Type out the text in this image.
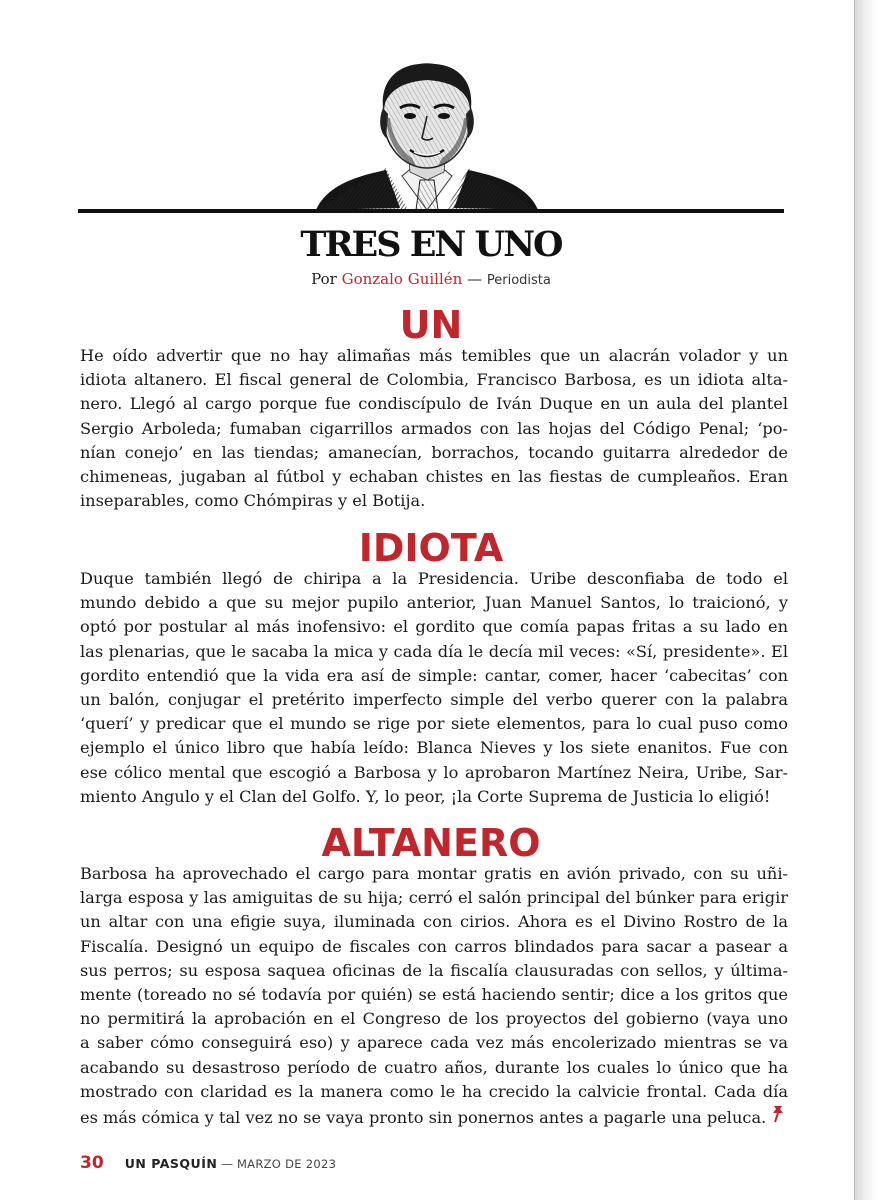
TRES EN UNO
Por Gonzalo Guillén — Periodista
UN

He oído advertir que no hay alimañas más temibles que un alacrán volador y un
idiota altanero. El fiscal general de Colombia, Francisco Barbosa, es un idiota alta-
nero. Llegó al cargo porque fue condiscípulo de Iván Duque en un aula del plantel
Sergio Arboleda; fumaban cigarrillos armados con las hojas del Código Penal; ‘po-
nían conejo’ en las tiendas; amanecían, borrachos, tocando guitarra alrededor de
chimeneas, jugaban al fútbol y echaban chistes en las fiestas de cumpleaños. Eran
inseparables, como Chómpiras y el Botija.

IDIOTA

Duque también llegó de chiripa a la Presidencia. Uribe desconfiaba de todo el
mundo debido a que su mejor pupilo anterior, Juan Manuel Santos, lo traicionó, y
optó por postular al más inofensivo: el gordito que comía papas fritas a su lado en
las plenarias, que le sacaba la mica y cada día le decía mil veces: «Sí, presidente». El
gordito entendió que la vida era así de simple: cantar, comer, hacer ‘cabecitas’ con
un balón, conjugar el pretérito imperfecto simple del verbo querer con la palabra
‘querí’ y predicar que el mundo se rige por siete elementos, para lo cual puso como
ejemplo el único libro que había leído: Blanca Nieves y los siete enanitos. Fue con
ese cólico mental que escogió a Barbosa y lo aprobaron Martínez Neira, Uribe, Sar-
miento Angulo y el Clan del Golfo. Y, lo peor, ¡la Corte Suprema de Justicia lo eligió!

ALTANERO

Barbosa ha aprovechado el cargo para montar gratis en avión privado, con su uñi-
larga esposa y las amiguitas de su hija; cerró el salón principal del búnker para erigir
un altar con una efigie suya, iluminada con cirios. Ahora es el Divino Rostro de la
Fiscalía. Designó un equipo de fiscales con carros blindados para sacar a pasear a
sus perros; su esposa saquea oficinas de la fiscalía clausuradas con sellos, y últimа-
mente (toreado no sé todavía por quién) se está haciendo sentir; dice a los gritos que
no permitirá la aprobación en el Congreso de los proyectos del gobierno (vaya uno
a saber cómo conseguirá eso) y aparece cada vez más encolerizado mientras se va
acabando su desastroso período de cuatro años, durante los cuales lo único que ha
mostrado con claridad es la manera como le ha crecido la calvicie frontal. Cada día
es más cómica y tal vez no se vaya pronto sin ponernos antes a pagarle una peluca.

30 UN PASQUÍN — MARZO DE 2023
